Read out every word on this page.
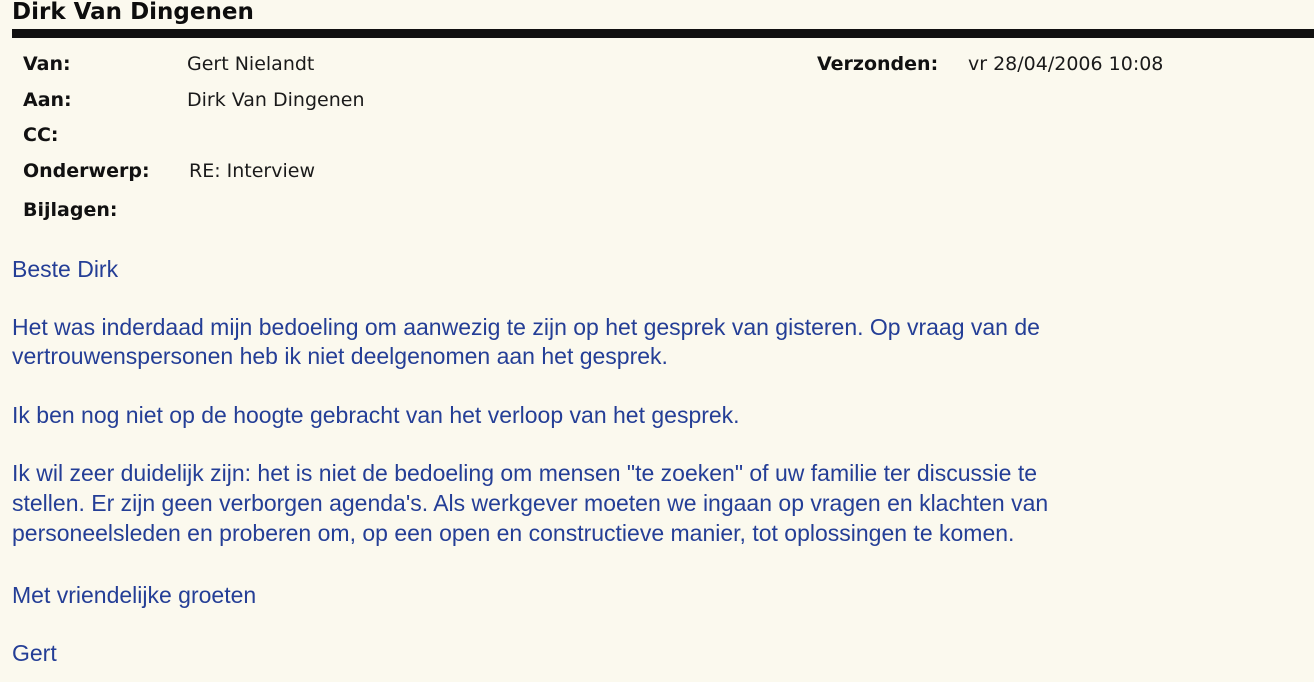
Dirk Van Dingenen
Van:	Gert Nielandt	Verzonden: vr 28/04/2006 10:08
Aan:	Dirk Van Dingenen
CC:
Onderwerp: RE: Interview
Bijlagen:

Beste Dirk

Het was inderdaad mijn bedoeling om aanwezig te zijn op het gesprek van gisteren. Op vraag van de

vertrouwenspersonen heb ik niet deelgenomen aan het gesprek.

Ik ben nog niet op de hoogte gebracht van het verloop van het gesprek.

Ik wil zeer duidelijk zijn: het is niet de bedoeling om mensen "te zoeken" of uw familie ter discussie te

stellen. Er zijn geen verborgen agenda's. Als werkgever moeten we ingaan op vragen en klachten van

personeelsleden en proberen om, op een open en constructieve manier, tot oplossingen te komen.

Met vriendelijke groeten

Gert
